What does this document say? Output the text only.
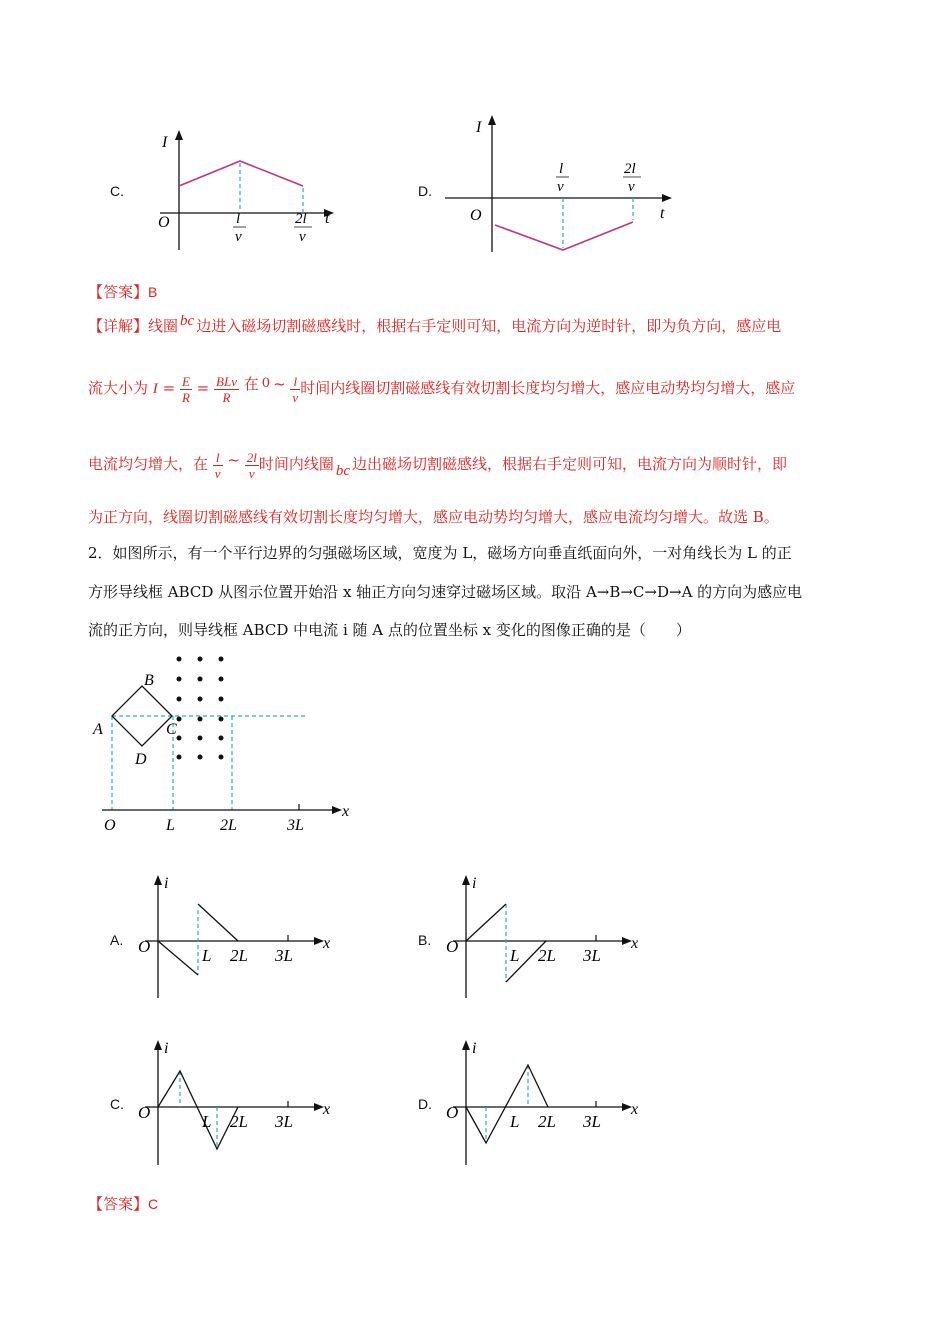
C.
I
O	t
l
v
2l
v
D.
I
O	t
l
v
2l
v
【答案】B
【详解】线圈 bc 边进入磁场切割磁感线时，根据右手定则可知，电流方向为逆时针，即为负方向，感应电
流大小为 $I = \frac{E}{R} = \frac{\text{BLv}}{R}$ 在 0 ~ $\frac{l}{v}$ 时间内线圈切割磁感线有效切割长度均匀增大，感应电动势均匀增大，感应
电流均匀增大，在 $\frac{l}{v}$ ~ $\frac{2l}{v}$ 时间内线圈 bc 边出磁场切割磁感线，根据右手定则可知，电流方向为顺时针，即
为正方向，线圈切割磁感线有效切割长度均匀增大，感应电动势均匀增大，感应电流均匀增大。故选 B。
2．如图所示，有一个平行边界的匀强磁场区域，宽度为 L，磁场方向垂直纸面向外，一对角线长为 L 的正
方形导线框 ABCD 从图示位置开始沿 x 轴正方向匀速穿过磁场区域。取沿 A→B→C→D→A 的方向为感应电
流的正方向，则导线框 ABCD 中电流 i 随 A 点的位置坐标 x 变化的图像正确的是（　　）
B
A	C
D
x
O	L	2L	3L
A.
i
x
O	L 2L 3L
B.
i
x
O	L 2L 3L
C.
i
x
O	L 2L 3L
D.
i
x
O	L 2L 3L
【答案】C
